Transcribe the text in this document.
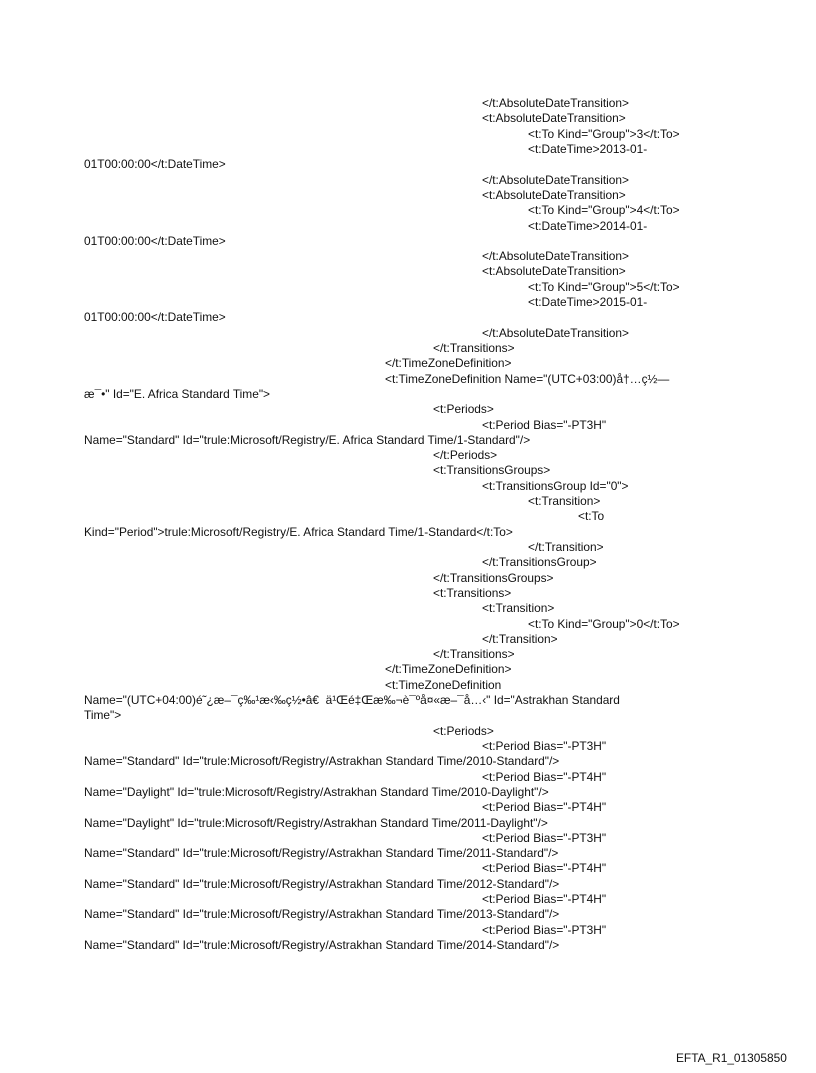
</t:AbsoluteDateTransition>
<t:AbsoluteDateTransition>
<t:To Kind="Group">3</t:To>
<t:DateTime>2013-01-
01T00:00:00</t:DateTime>
</t:AbsoluteDateTransition>
<t:AbsoluteDateTransition>
<t:To Kind="Group">4</t:To>
<t:DateTime>2014-01-
01T00:00:00</t:DateTime>
</t:AbsoluteDateTransition>
<t:AbsoluteDateTransition>
<t:To Kind="Group">5</t:To>
<t:DateTime>2015-01-
01T00:00:00</t:DateTime>
</t:AbsoluteDateTransition>
</t:Transitions>
</t:TimeZoneDefinition>
<t:TimeZoneDefinition Name="(UTC+03:00)å†…ç½—
æ¯•" Id="E. Africa Standard Time">
<t:Periods>
<t:Period Bias="-PT3H"
Name="Standard" Id="trule:Microsoft/Registry/E. Africa Standard Time/1-Standard"/>
</t:Periods>
<t:TransitionsGroups>
<t:TransitionsGroup Id="0">
<t:Transition>
<t:To
Kind="Period">trule:Microsoft/Registry/E. Africa Standard Time/1-Standard</t:To>
</t:Transition>
</t:TransitionsGroup>
</t:TransitionsGroups>
<t:Transitions>
<t:Transition>
<t:To Kind="Group">0</t:To>
</t:Transition>
</t:Transitions>
</t:TimeZoneDefinition>
<t:TimeZoneDefinition
Name="(UTC+04:00)é˜¿æ–¯ç‰¹æ‹‰ç½•â€  ä¹Œé‡Œæ‰¬è¯ºå¤«æ–¯å…‹" Id="Astrakhan Standard
Time">
<t:Periods>
<t:Period Bias="-PT3H"
Name="Standard" Id="trule:Microsoft/Registry/Astrakhan Standard Time/2010-Standard"/>
<t:Period Bias="-PT4H"
Name="Daylight" Id="trule:Microsoft/Registry/Astrakhan Standard Time/2010-Daylight"/>
<t:Period Bias="-PT4H"
Name="Daylight" Id="trule:Microsoft/Registry/Astrakhan Standard Time/2011-Daylight"/>
<t:Period Bias="-PT3H"
Name="Standard" Id="trule:Microsoft/Registry/Astrakhan Standard Time/2011-Standard"/>
<t:Period Bias="-PT4H"
Name="Standard" Id="trule:Microsoft/Registry/Astrakhan Standard Time/2012-Standard"/>
<t:Period Bias="-PT4H"
Name="Standard" Id="trule:Microsoft/Registry/Astrakhan Standard Time/2013-Standard"/>
<t:Period Bias="-PT3H"
Name="Standard" Id="trule:Microsoft/Registry/Astrakhan Standard Time/2014-Standard"/>
EFTA_R1_01305850
